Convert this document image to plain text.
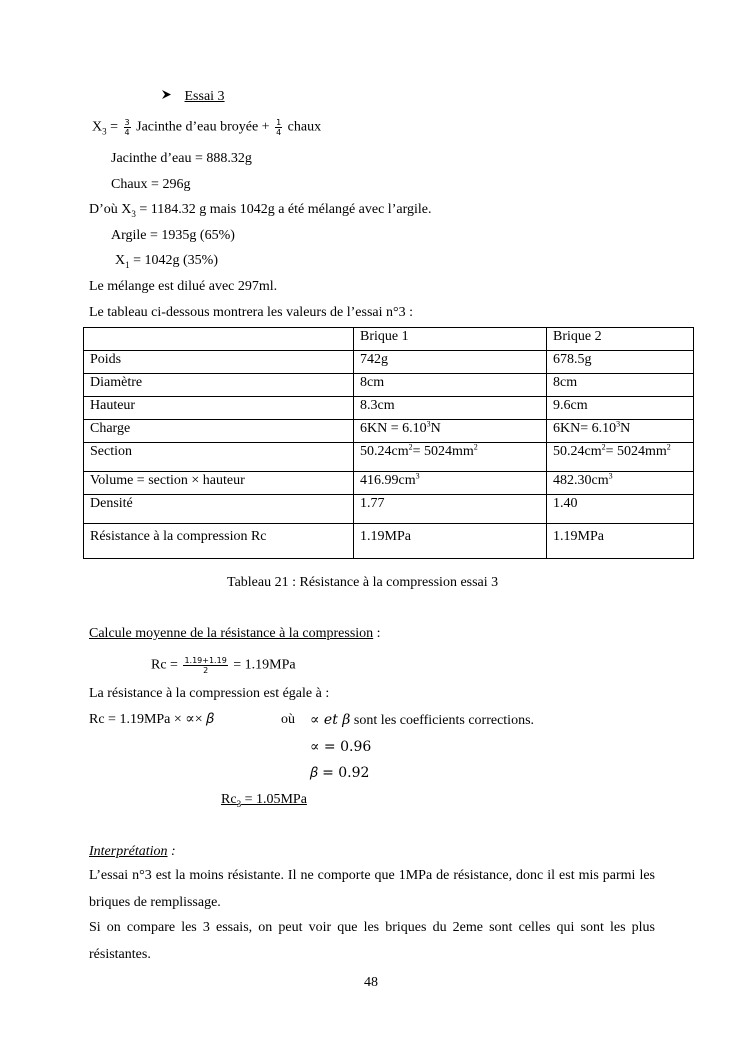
Essai 3
$X_3 = \frac{3}{4}$ Jacinthe d’eau broyée + $\frac{1}{4}$ chaux
Jacinthe d’eau = 888.32g
Chaux = 296g
D’où $X_3 = 1184.32$ g mais 1042g a été mélangé avec l’argile.
Argile = 1935g (65%)
$X_1 = 1042g$ (35%)
Le mélange est dilué avec 297ml.
Le tableau ci-dessous montrera les valeurs de l’essai n°3 :
	Brique 1	Brique 2
Poids	742g	678.5g
Diamètre	8cm	8cm
Hauteur	8.3cm	9.6cm
Charge	$6KN = 6.10^3N$	$6KN= 6.10^3N$
Section	$50.24cm^2= 5024mm^2$	$50.24cm^2= 5024mm^2$
Volume = section × hauteur	$416.99cm^3$	$482.30cm^3$
Densité	1.77	1.40
Résistance à la compression Rc	1.19MPa	1.19MPa
Tableau 21 : Résistance à la compression essai 3
Calcule moyenne de la résistance à la compression :
$Rc = \frac{1.19+1.19}{2} = 1.19MPa$
La résistance à la compression est égale à :
Rc = 1.19MPa × ∝× 𝛽	où ∝ 𝑒𝑡 𝛽 sont les coefficients corrections.
∝ = 0.96
𝛽 = 0.92
$Rc_3 = 1.05MPa$
Interprétation :
L’essai n°3 est la moins résistante. Il ne comporte que 1MPa de résistance, donc il est mis parmi les briques de remplissage.
Si on compare les 3 essais, on peut voir que les briques du 2eme sont celles qui sont les plus résistantes.
48
